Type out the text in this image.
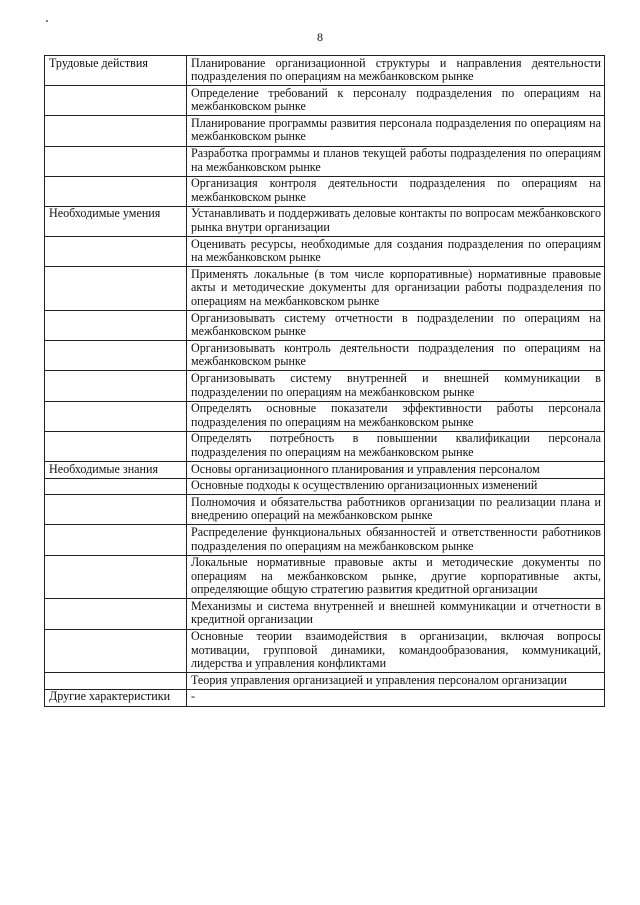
8
Трудовые действия	Планирование организационной структуры и направления деятельности подразделения по операциям на межбанковском рынке
	Определение требований к персоналу подразделения по операциям на межбанковском рынке
	Планирование программы развития персонала подразделения по операциям на межбанковском рынке
	Разработка программы и планов текущей работы подразделения по операциям на межбанковском рынке
	Организация контроля деятельности подразделения по операциям на межбанковском рынке
Необходимые умения	Устанавливать и поддерживать деловые контакты по вопросам межбанковского рынка внутри организации
	Оценивать ресурсы, необходимые для создания подразделения по операциям на межбанковском рынке
	Применять локальные (в том числе корпоративные) нормативные правовые акты и методические документы для организации работы подразделения по операциям на межбанковском рынке
	Организовывать систему отчетности в подразделении по операциям на межбанковском рынке
	Организовывать контроль деятельности подразделения по операциям на межбанковском рынке
	Организовывать систему внутренней и внешней коммуникации в подразделении по операциям на межбанковском рынке
	Определять основные показатели эффективности работы персонала подразделения по операциям на межбанковском рынке
	Определять потребность в повышении квалификации персонала подразделения по операциям на межбанковском рынке
Необходимые знания	Основы организационного планирования и управления персоналом
	Основные подходы к осуществлению организационных изменений
	Полномочия и обязательства работников организации по реализации плана и внедрению операций на межбанковском рынке
	Распределение функциональных обязанностей и ответственности работников подразделения по операциям на межбанковском рынке
	Локальные нормативные правовые акты и методические документы по операциям на межбанковском рынке, другие корпоративные акты, определяющие общую стратегию развития кредитной организации
	Механизмы и система внутренней и внешней коммуникации и отчетности в кредитной организации
	Основные теории взаимодействия в организации, включая вопросы мотивации, групповой динамики, командообразования, коммуникаций, лидерства и управления конфликтами
	Теория управления организацией и управления персоналом организации
Другие характеристики	-
